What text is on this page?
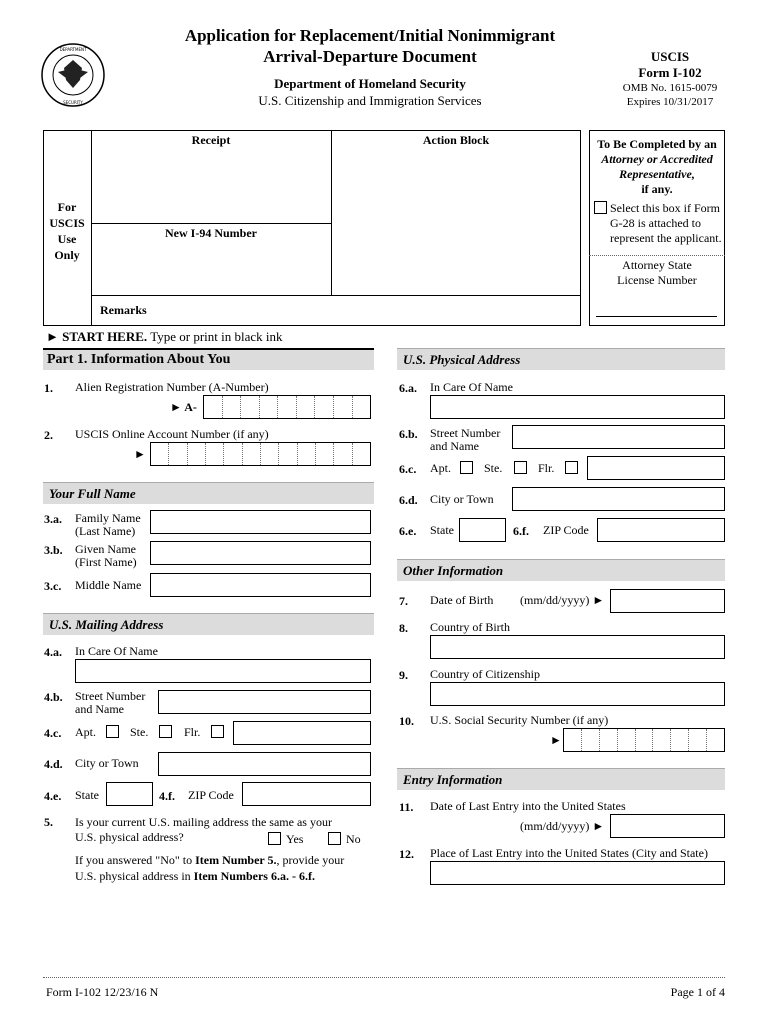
DEPARTMENT
SECURITY
Application for Replacement/Initial Nonimmigrant
Arrival-Departure Document
Department of Homeland Security
U.S. Citizenship and Immigration Services
USCIS
Form I-102
OMB No. 1615-0079
Expires 10/31/2017
Receipt	Action Block
For
USCIS
Use
Only
New I-94 Number
Remarks
To Be Completed by an
Attorney or Accredited
Representative,
if any.
Select this box if Form
G-28 is attached to
represent the applicant.
Attorney State
License Number
► START HERE. Type or print in black ink
Part 1. Information About You
1. Alien Registration Number (A-Number)
► A-
2. USCIS Online Account Number (if any)
►
Your Full Name
3.a. Family Name
(Last Name)
3.b. Given Name
(First Name)
3.c. Middle Name
U.S. Mailing Address
4.a. In Care Of Name
4.b. Street Number
and Name
4.c. Apt.	Ste.	Flr.
4.d. City or Town
4.e. State	4.f. ZIP Code
5. Is your current U.S. mailing address the same as your
U.S. physical address?	Yes	No
If you answered "No" to Item Number 5., provide your
U.S. physical address in Item Numbers 6.a. - 6.f.
U.S. Physical Address
6.a. In Care Of Name
6.b. Street Number
and Name
6.c. Apt.	Ste.	Flr.
6.d. City or Town
6.e. State	6.f. ZIP Code
Other Information
7. Date of Birth (mm/dd/yyyy) ►
8. Country of Birth
9. Country of Citizenship
10. U.S. Social Security Number (if any)
►
Entry Information
11. Date of Last Entry into the United States
(mm/dd/yyyy) ►
12. Place of Last Entry into the United States (City and State)
Form I-102 12/23/16 N	Page 1 of 4
